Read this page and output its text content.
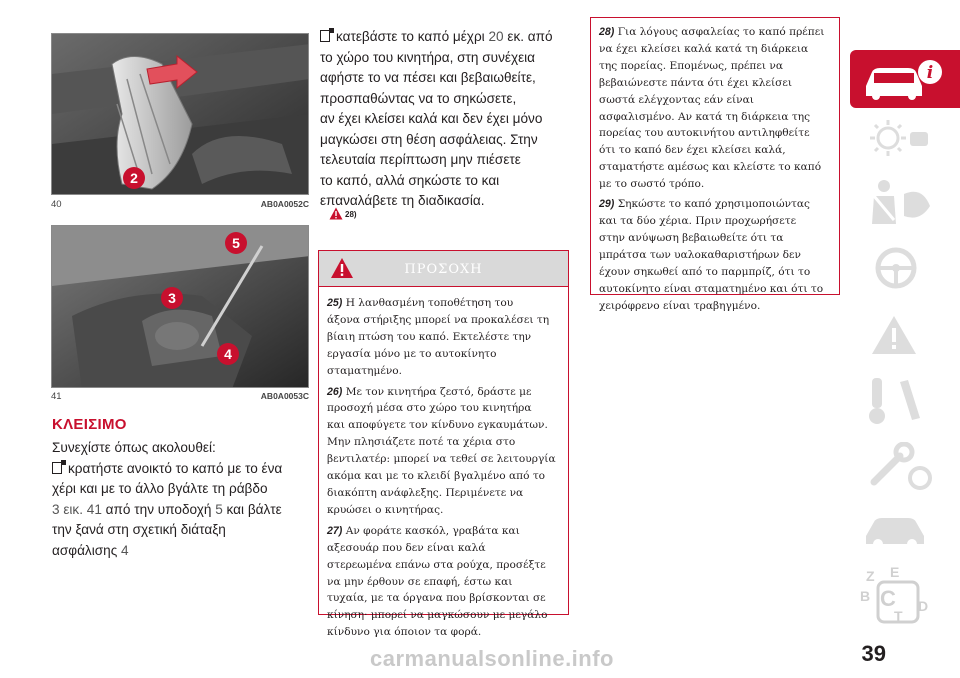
2
40	AB0A0052C
5
3
4
41	AB0A0053C
ΚΛΕΙΣΙΜΟ
Συνεχίστε όπως ακολουθεί:
κρατήστε ανοικτό το καπό με το ένα
χέρι και με το άλλο βγάλτε τη ράβδο
3 εικ. 41 από την υποδοχή 5 και βάλτε
την ξανά στη σχετική διάταξη
ασφάλισης 4
κατεβάστε το καπό μέχρι 20 εκ. από
το χώρο του κινητήρα, στη συνέχεια
αφήστε το να πέσει και βεβαιωθείτε,
προσπαθώντας να το σηκώσετε,
αν έχει κλείσει καλά και δεν έχει μόνο
μαγκώσει στη θέση ασφάλειας. Στην
τελευταία περίπτωση μην πιέσετε
το καπό, αλλά σηκώστε το και
επαναλάβετε τη διαδικασία.
28)
ΠΡΟΣΟΧΗ
25) Η λανθασμένη τοποθέτηση του
άξονα στήριξης μπορεί να προκαλέσει τη
βίαιη πτώση του καπό. Εκτελέστε την
εργασία μόνο με το αυτοκίνητο
σταματημένο.
26) Με τον κινητήρα ζεστό, δράστε με
προσοχή μέσα στο χώρο του κινητήρα
και αποφύγετε τον κίνδυνο εγκαυμάτων.
Μην πλησιάζετε ποτέ τα χέρια στο
βεντιλατέρ: μπορεί να τεθεί σε λειτουργία
ακόμα και με το κλειδί βγαλμένο από το
διακόπτη ανάφλεξης. Περιμένετε να
κρυώσει ο κινητήρας.
27) Αν φοράτε κασκόλ, γραβάτα και
αξεσουάρ που δεν είναι καλά
στερεωμένα επάνω στα ρούχα, προσέξτε
να μην έρθουν σε επαφή, έστω και
τυχαία, με τα όργανα που βρίσκονται σε
κίνηση· μπορεί να μαγκώσουν με μεγάλο
κίνδυνο για όποιον τα φορά.
28) Για λόγους ασφαλείας το καπό πρέπει
να έχει κλείσει καλά κατά τη διάρκεια
της πορείας. Επομένως, πρέπει να
βεβαιώνεστε πάντα ότι έχει κλείσει
σωστά ελέγχοντας εάν είναι
ασφαλισμένο. Αν κατά τη διάρκεια της
πορείας του αυτοκινήτου αντιληφθείτε
ότι το καπό δεν έχει κλείσει καλά,
σταματήστε αμέσως και κλείστε το καπό
με το σωστό τρόπο.
29) Σηκώστε το καπό χρησιμοποιώντας
και τα δύο χέρια. Πριν προχωρήσετε
στην ανύψωση βεβαιωθείτε ότι τα
μπράτσα των υαλοκαθαριστήρων δεν
έχουν σηκωθεί από το παρμπρίζ, ότι το
αυτοκίνητο είναι σταματημένο και ότι το
χειρόφρενο είναι τραβηγμένο.
i
Z E
B C D
T
carmanualsonline.info	39
